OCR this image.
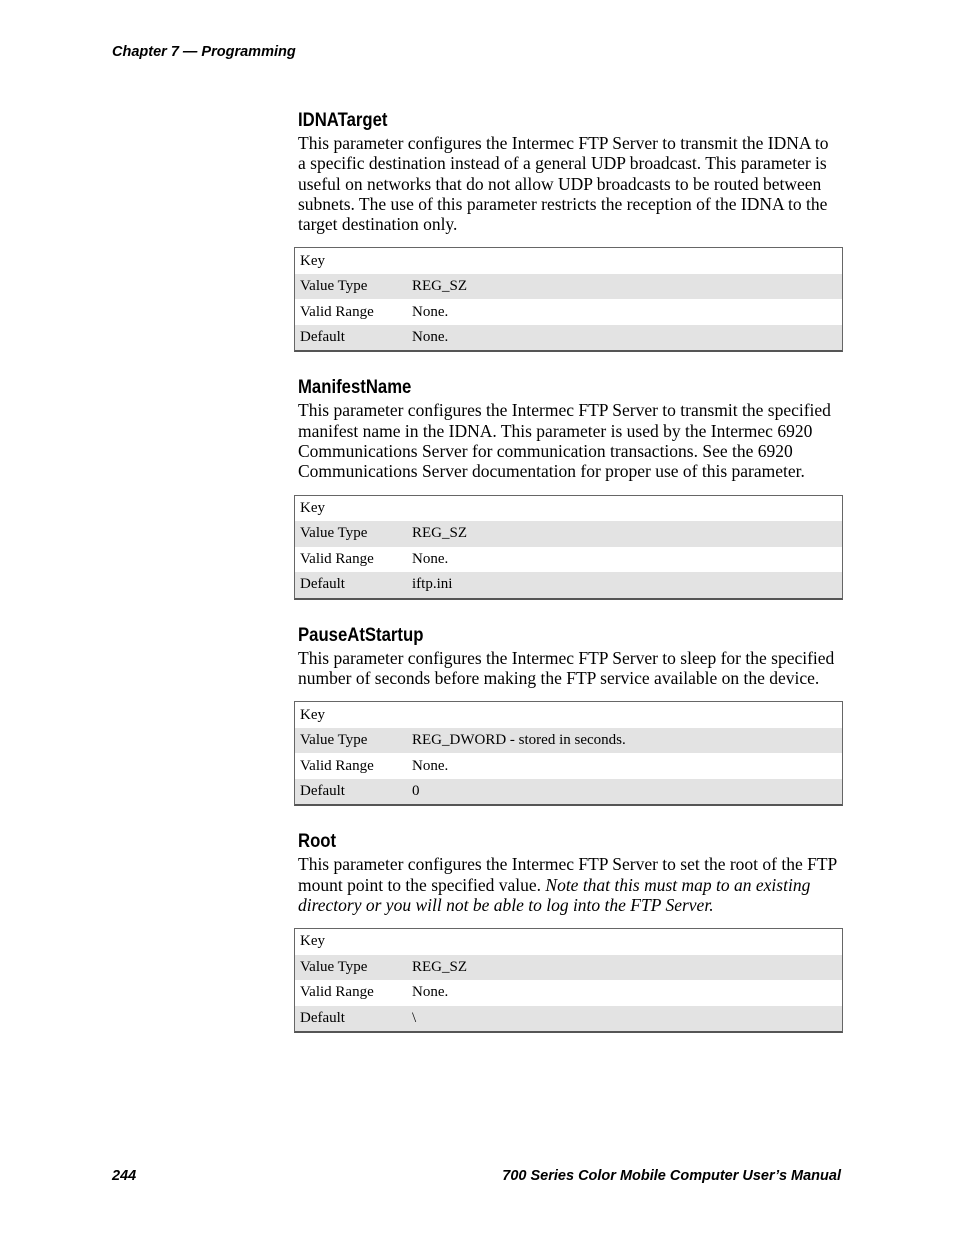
Chapter 7 — Programming
IDNATarget

This parameter configures the Intermec FTP Server to transmit the IDNA to a specific destination instead of a general UDP broadcast. This parameter is useful on networks that do not allow UDP broadcasts to be routed between subnets. The use of this parameter restricts the reception of the IDNA to the target destination only.

Key
Value Type	REG_SZ
Valid Range	None.
Default	None.
ManifestName

This parameter configures the Intermec FTP Server to transmit the specified manifest name in the IDNA. This parameter is used by the Intermec 6920 Communications Server for communication transactions. See the 6920 Communications Server documentation for proper use of this parameter.

Key
Value Type	REG_SZ
Valid Range	None.
Default	iftp.ini
PauseAtStartup

This parameter configures the Intermec FTP Server to sleep for the specified number of seconds before making the FTP service available on the device.

Key
Value Type	REG_DWORD - stored in seconds.
Valid Range	None.
Default	0
Root

This parameter configures the Intermec FTP Server to set the root of the FTP mount point to the specified value. Note that this must map to an existing directory or you will not be able to log into the FTP Server.

Key
Value Type	REG_SZ
Valid Range	None.
Default	\
244	700 Series Color Mobile Computer User’s Manual
